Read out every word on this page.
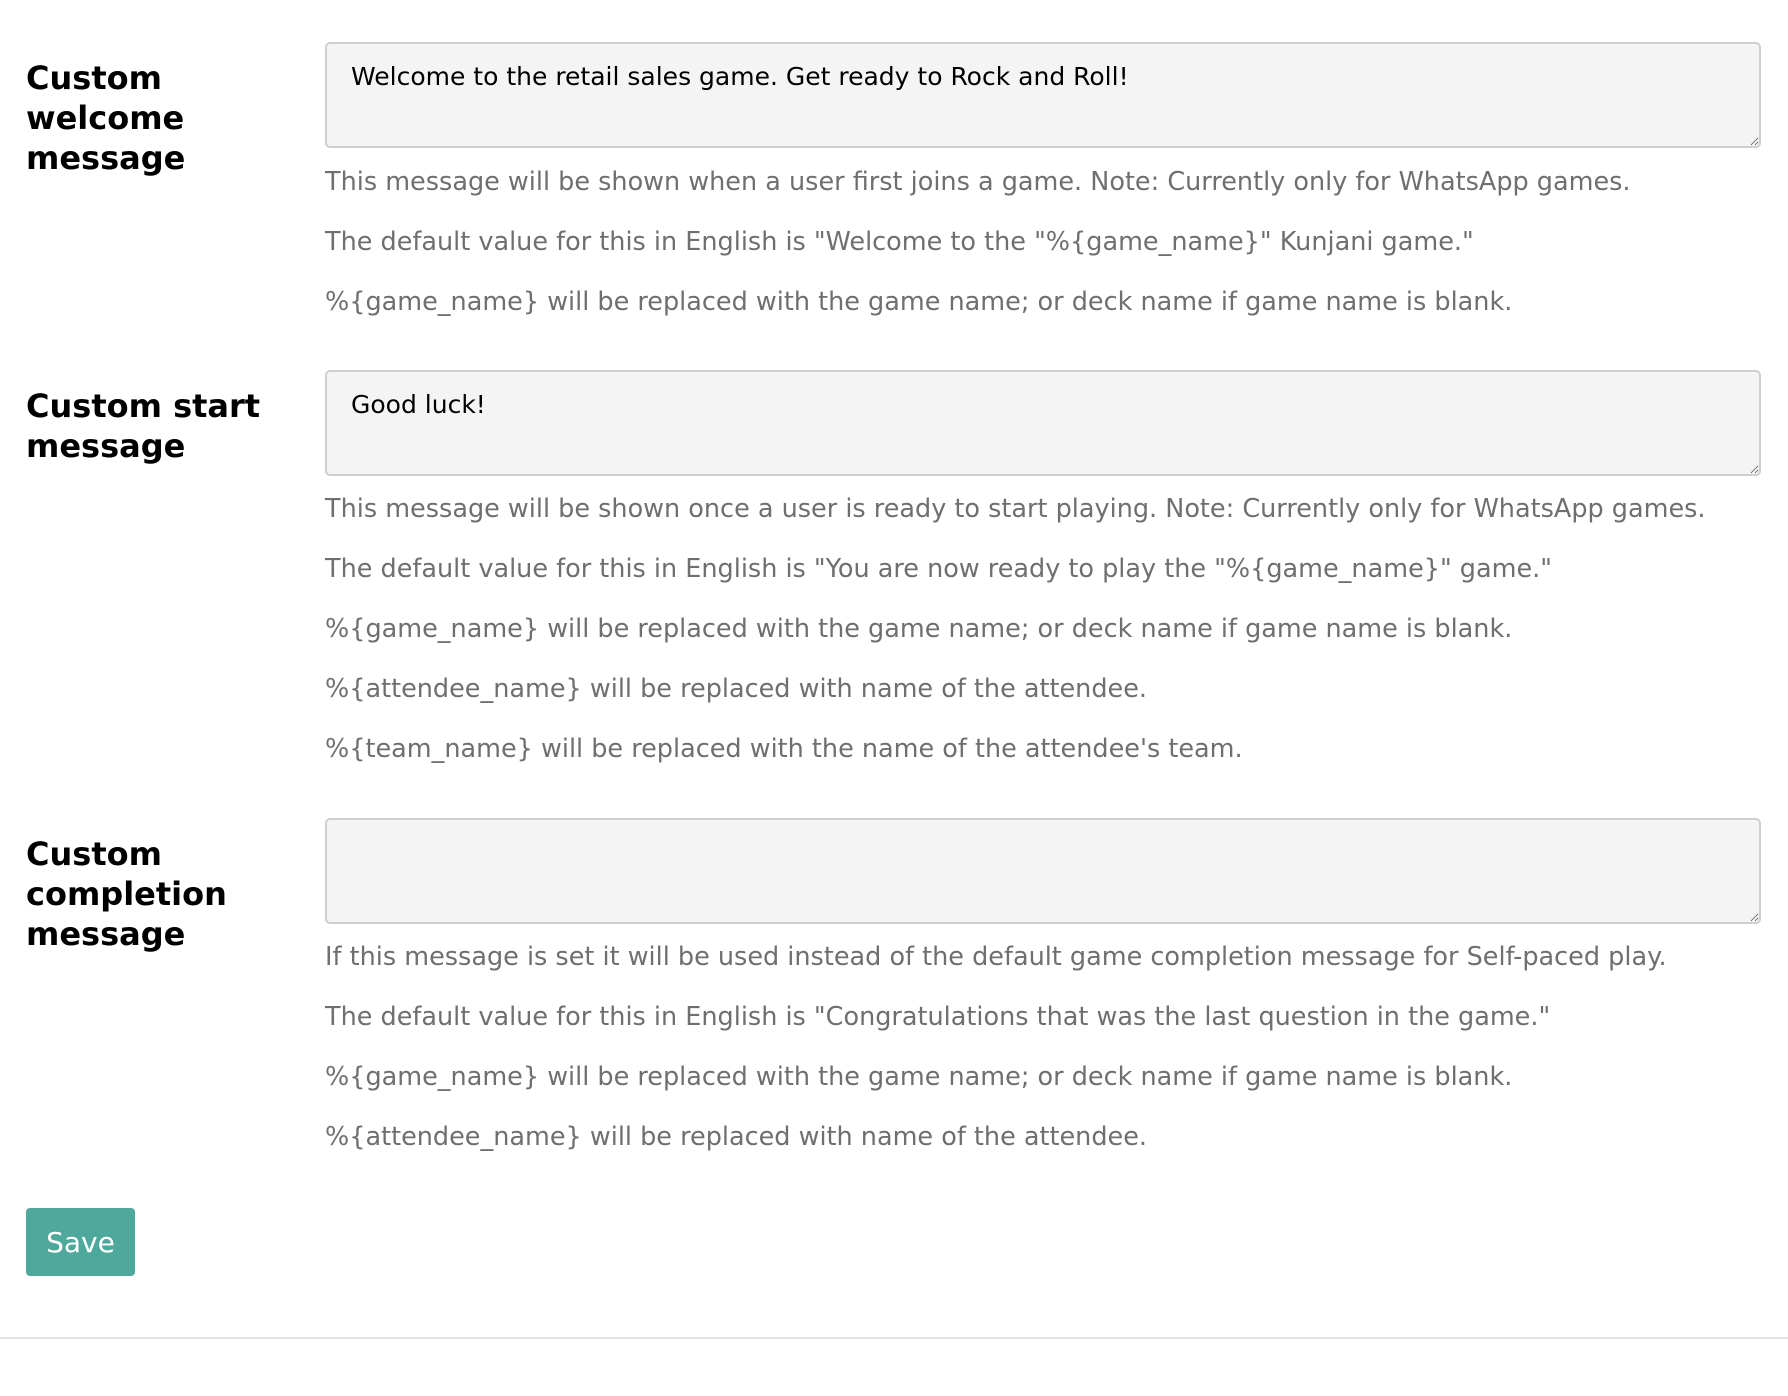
Custom welcome message
Welcome to the retail sales game. Get ready to Rock and Roll!
This message will be shown when a user first joins a game. Note: Currently only for WhatsApp games.
The default value for this in English is "Welcome to the "%{game_name}" Kunjani game."
%{game_name} will be replaced with the game name; or deck name if game name is blank.
Custom start message
Good luck!
This message will be shown once a user is ready to start playing. Note: Currently only for WhatsApp games.
The default value for this in English is "You are now ready to play the "%{game_name}" game."
%{game_name} will be replaced with the game name; or deck name if game name is blank.
%{attendee_name} will be replaced with name of the attendee.
%{team_name} will be replaced with the name of the attendee's team.
Custom completion message
If this message is set it will be used instead of the default game completion message for Self-paced play.
The default value for this in English is "Congratulations that was the last question in the game."
%{game_name} will be replaced with the game name; or deck name if game name is blank.
%{attendee_name} will be replaced with name of the attendee.
Save
